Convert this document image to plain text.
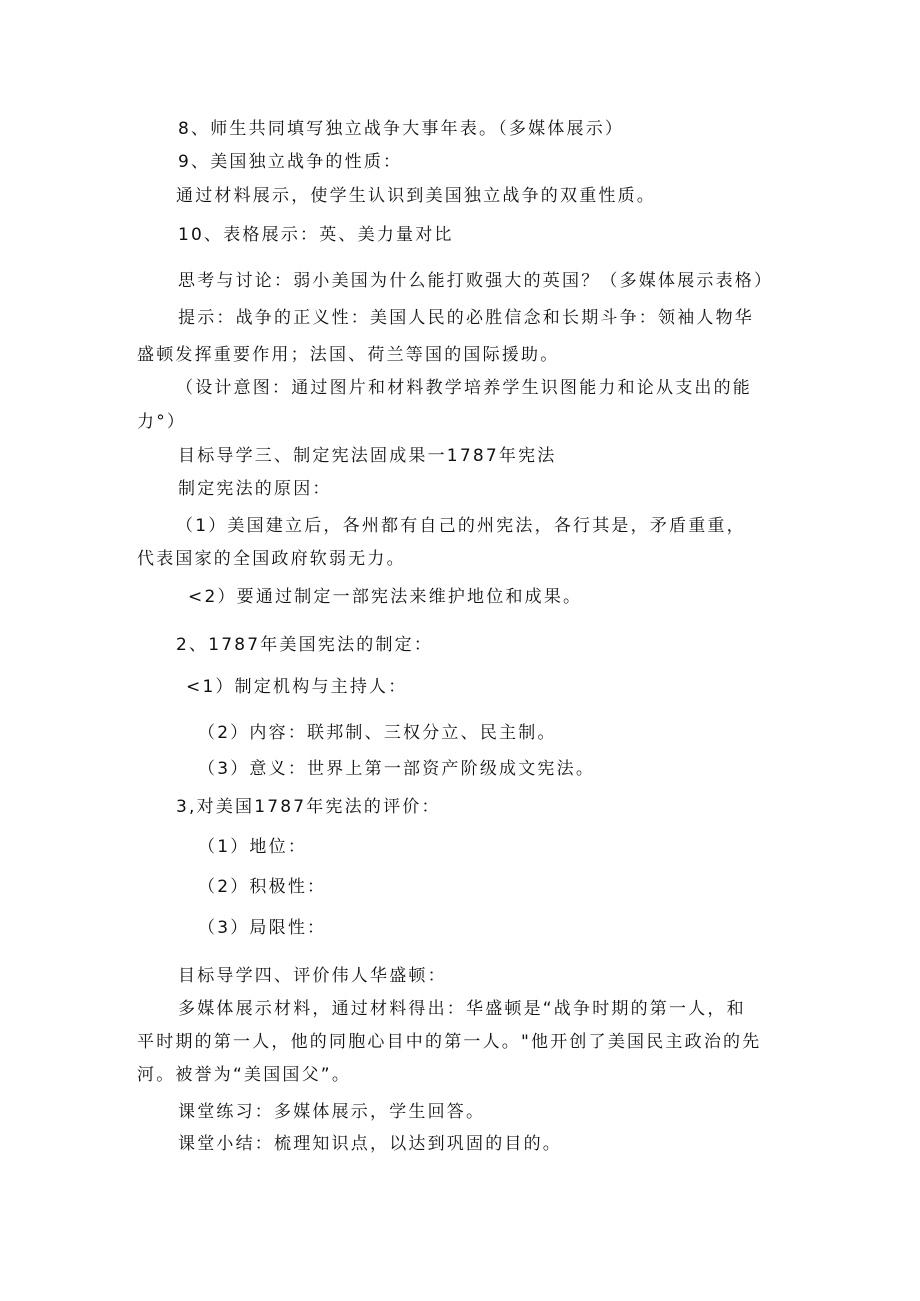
8、师生共同填写独立战争大事年表。（多媒体展示）
9、美国独立战争的性质：
通过材料展示，使学生认识到美国独立战争的双重性质。
10、表格展示：英、美力量对比
思考与讨论：弱小美国为什么能打败强大的英国？（多媒体展示表格）
提示：战争的正义性：美国人民的必胜信念和长期斗争：领袖人物华
盛顿发挥重要作用；法国、荷兰等国的国际援助。
（设计意图：通过图片和材料教学培养学生识图能力和论从支出的能
力°）
目标导学三、制定宪法固成果一1787年宪法
制定宪法的原因：
（1）美国建立后，各州都有自己的州宪法，各行其是，矛盾重重，
代表国家的全国政府软弱无力。
<2）要通过制定一部宪法来维护地位和成果。
2、1787年美国宪法的制定：
<1）制定机构与主持人：
（2）内容：联邦制、三权分立、民主制。
（3）意义：世界上第一部资产阶级成文宪法。
3,对美国1787年宪法的评价：
（1）地位：
（2）积极性：
（3）局限性：
目标导学四、评价伟人华盛顿：
多媒体展示材料，通过材料得出：华盛顿是“战争时期的第一人，和
平时期的第一人，他的同胞心目中的第一人。"他开创了美国民主政治的先
河。被誉为“美国国父”。
课堂练习：多媒体展示，学生回答。
课堂小结：梳理知识点，以达到巩固的目的。
